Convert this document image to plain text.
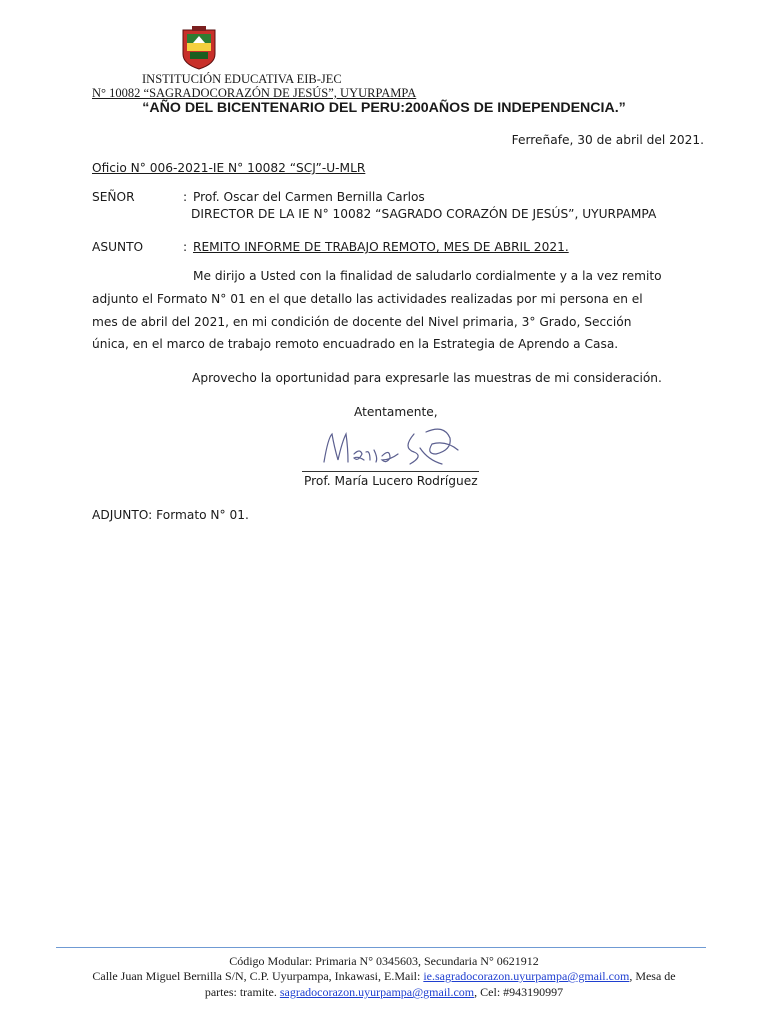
INSTITUCIÓN EDUCATIVA EIB-JEC
N° 10082 “SAGRADOCORAZÓN DE JESÚS”, UYURPAMPA
“AÑO DEL BICENTENARIO DEL PERU:200AÑOS DE INDEPENDENCIA.”
Ferreñafe, 30 de abril del 2021.
Oficio N° 006-2021-IE N° 10082 “SCJ”-U-MLR
SEÑOR	: Prof. Oscar del Carmen Bernilla Carlos
DIRECTOR DE LA IE N° 10082 “SAGRADO CORAZÓN DE JESÚS”, UYURPAMPA
ASUNTO	: REMITO INFORME DE TRABAJO REMOTO, MES DE ABRIL 2021.
Me dirijo a Usted con la finalidad de saludarlo cordialmente y a la vez remito
adjunto el Formato N° 01 en el que detallo las actividades realizadas por mi persona en el
mes de abril del 2021, en mi condición de docente del Nivel primaria, 3° Grado, Sección
única, en el marco de trabajo remoto encuadrado en la Estrategia de Aprendo a Casa.
Aprovecho la oportunidad para expresarle las muestras de mi consideración.
Atentamente,
Prof. María Lucero Rodríguez
ADJUNTO: Formato N° 01.
Código Modular: Primaria N° 0345603, Secundaria N° 0621912
Calle Juan Miguel Bernilla S/N, C.P. Uyurpampa, Inkawasi, E.Mail: ie.sagradocorazon.uyurpampa@gmail.com, Mesa de
partes: tramite. sagradocorazon.uyurpampa@gmail.com, Cel: #943190997
